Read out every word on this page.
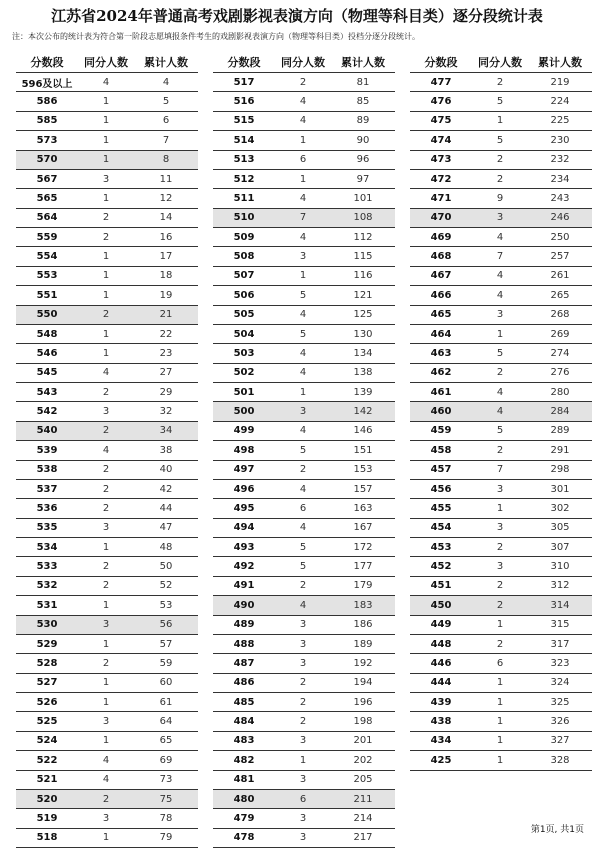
江苏省2024年普通高考戏剧影视表演方向（物理等科目类）逐分段统计表
注：本次公布的统计表为符合第一阶段志愿填报条件考生的戏剧影视表演方向（物理等科目类）投档分逐分段统计。
分数段	同分人数	累计人数
596及以上	4	4
586	1	5
585	1	6
573	1	7
570	1	8
567	3	11
565	1	12
564	2	14
559	2	16
554	1	17
553	1	18
551	1	19
550	2	21
548	1	22
546	1	23
545	4	27
543	2	29
542	3	32
540	2	34
539	4	38
538	2	40
537	2	42
536	2	44
535	3	47
534	1	48
533	2	50
532	2	52
531	1	53
530	3	56
529	1	57
528	2	59
527	1	60
526	1	61
525	3	64
524	1	65
522	4	69
521	4	73
520	2	75
519	3	78
518	1	79
分数段	同分人数	累计人数
517	2	81
516	4	85
515	4	89
514	1	90
513	6	96
512	1	97
511	4	101
510	7	108
509	4	112
508	3	115
507	1	116
506	5	121
505	4	125
504	5	130
503	4	134
502	4	138
501	1	139
500	3	142
499	4	146
498	5	151
497	2	153
496	4	157
495	6	163
494	4	167
493	5	172
492	5	177
491	2	179
490	4	183
489	3	186
488	3	189
487	3	192
486	2	194
485	2	196
484	2	198
483	3	201
482	1	202
481	3	205
480	6	211
479	3	214
478	3	217
分数段	同分人数	累计人数
477	2	219
476	5	224
475	1	225
474	5	230
473	2	232
472	2	234
471	9	243
470	3	246
469	4	250
468	7	257
467	4	261
466	4	265
465	3	268
464	1	269
463	5	274
462	2	276
461	4	280
460	4	284
459	5	289
458	2	291
457	7	298
456	3	301
455	1	302
454	3	305
453	2	307
452	3	310
451	2	312
450	2	314
449	1	315
448	2	317
446	6	323
444	1	324
439	1	325
438	1	326
434	1	327
425	1	328
第1页, 共1页
